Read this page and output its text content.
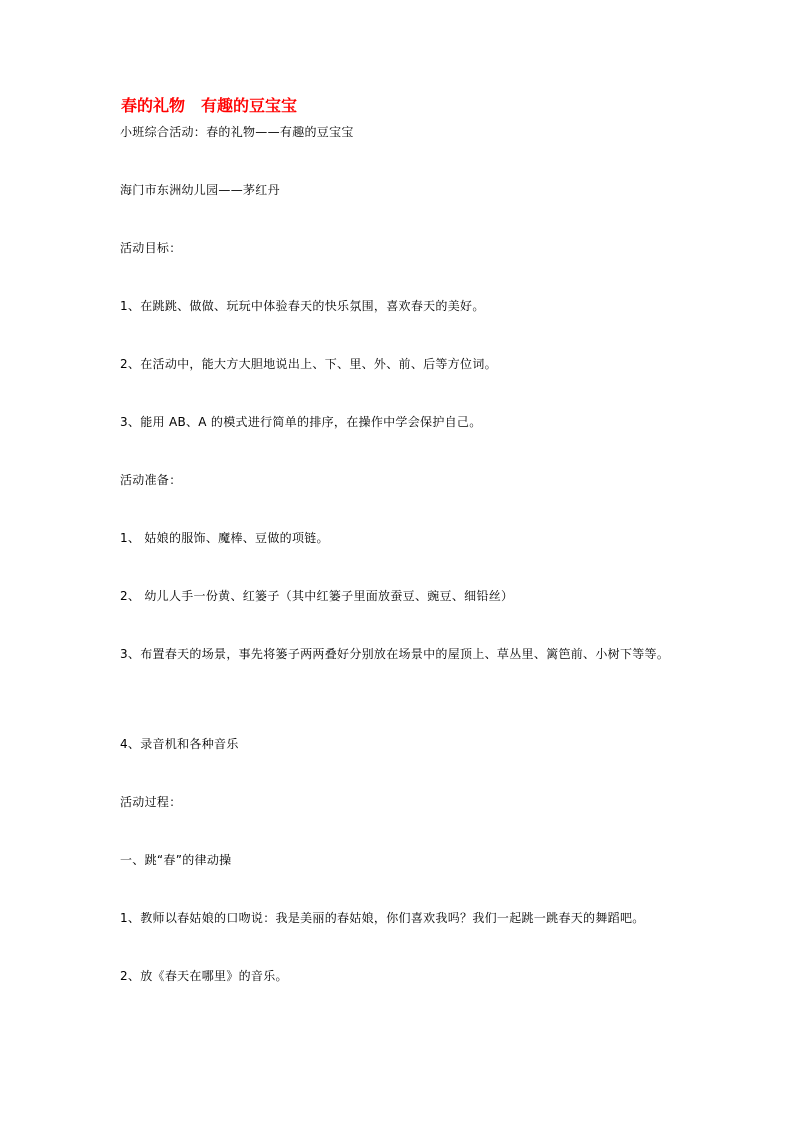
春的礼物　有趣的豆宝宝
小班综合活动：春的礼物——有趣的豆宝宝
海门市东洲幼儿园——茅红丹
活动目标：
1、在跳跳、做做、玩玩中体验春天的快乐氛围，喜欢春天的美好。
2、在活动中，能大方大胆地说出上、下、里、外、前、后等方位词。
3、能用 AB、A 的模式进行简单的排序，在操作中学会保护自己。
活动准备：
1、 姑娘的服饰、魔棒、豆做的项链。
2、 幼儿人手一份黄、红篓子（其中红篓子里面放蚕豆、豌豆、细铅丝）
3、布置春天的场景，事先将篓子两两叠好分别放在场景中的屋顶上、草丛里、篱笆前、小树下等等。
4、录音机和各种音乐
活动过程：
一、跳“春”的律动操
1、教师以春姑娘的口吻说：我是美丽的春姑娘，你们喜欢我吗？我们一起跳一跳春天的舞蹈吧。
2、放《春天在哪里》的音乐。
